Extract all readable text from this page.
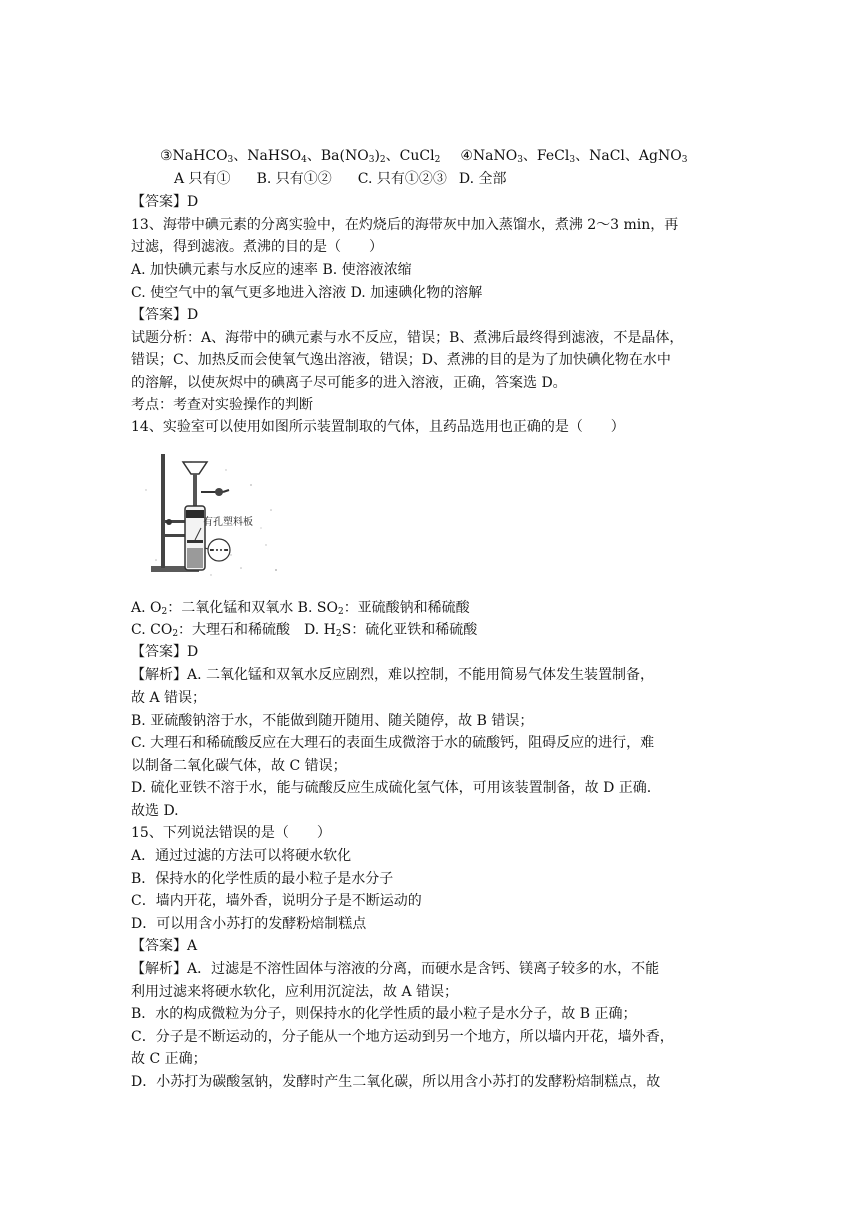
③NaHCO$_3$、NaHSO$_4$、$Ba(NO_3)_2$、CuCl$_2$ ④NaNO$_3$、FeCl$_3$、NaCl、AgNO$_3$
A 只有① B. 只有①② C. 只有①②③ D. 全部
【答案】D
13、海带中碘元素的分离实验中，在灼烧后的海带灰中加入蒸馏水，煮沸 2～3 min，再
过滤，得到滤液。煮沸的目的是（　　）
A. 加快碘元素与水反应的速率 B. 使溶液浓缩
C. 使空气中的氧气更多地进入溶液 D. 加速碘化物的溶解
【答案】D
试题分析：A、海带中的碘元素与水不反应，错误；B、煮沸后最终得到滤液，不是晶体，
错误；C、加热反而会使氧气逸出溶液，错误；D、煮沸的目的是为了加快碘化物在水中
的溶解，以使灰烬中的碘离子尽可能多的进入溶液，正确，答案选 D。
考点：考查对实验操作的判断
14、实验室可以使用如图所示装置制取的气体，且药品选用也正确的是（　　）
有孔塑料板
A. $O_2$：二氧化锰和双氧水 B. $SO_2$：亚硫酸钠和稀硫酸
C. $CO_2$：大理石和稀硫酸　D. $H_2S$：硫化亚铁和稀硫酸
【答案】D
【解析】A. 二氧化锰和双氧水反应剧烈，难以控制，不能用简易气体发生装置制备，
故 A 错误；
B. 亚硫酸钠溶于水，不能做到随开随用、随关随停，故 B 错误；
C. 大理石和稀硫酸反应在大理石的表面生成微溶于水的硫酸钙，阻碍反应的进行，难
以制备二氧化碳气体，故 C 错误；
D. 硫化亚铁不溶于水，能与硫酸反应生成硫化氢气体，可用该装置制备，故 D 正确.
故选 D.
15、下列说法错误的是（　　）
A．通过过滤的方法可以将硬水软化
B．保持水的化学性质的最小粒子是水分子
C．墙内开花，墙外香，说明分子是不断运动的
D．可以用含小苏打的发酵粉焙制糕点
【答案】A
【解析】A．过滤是不溶性固体与溶液的分离，而硬水是含钙、镁离子较多的水，不能
利用过滤来将硬水软化，应利用沉淀法，故 A 错误；
B．水的构成微粒为分子，则保持水的化学性质的最小粒子是水分子，故 B 正确；
C．分子是不断运动的，分子能从一个地方运动到另一个地方，所以墙内开花，墙外香，
故 C 正确；
D．小苏打为碳酸氢钠，发酵时产生二氧化碳，所以用含小苏打的发酵粉焙制糕点，故
